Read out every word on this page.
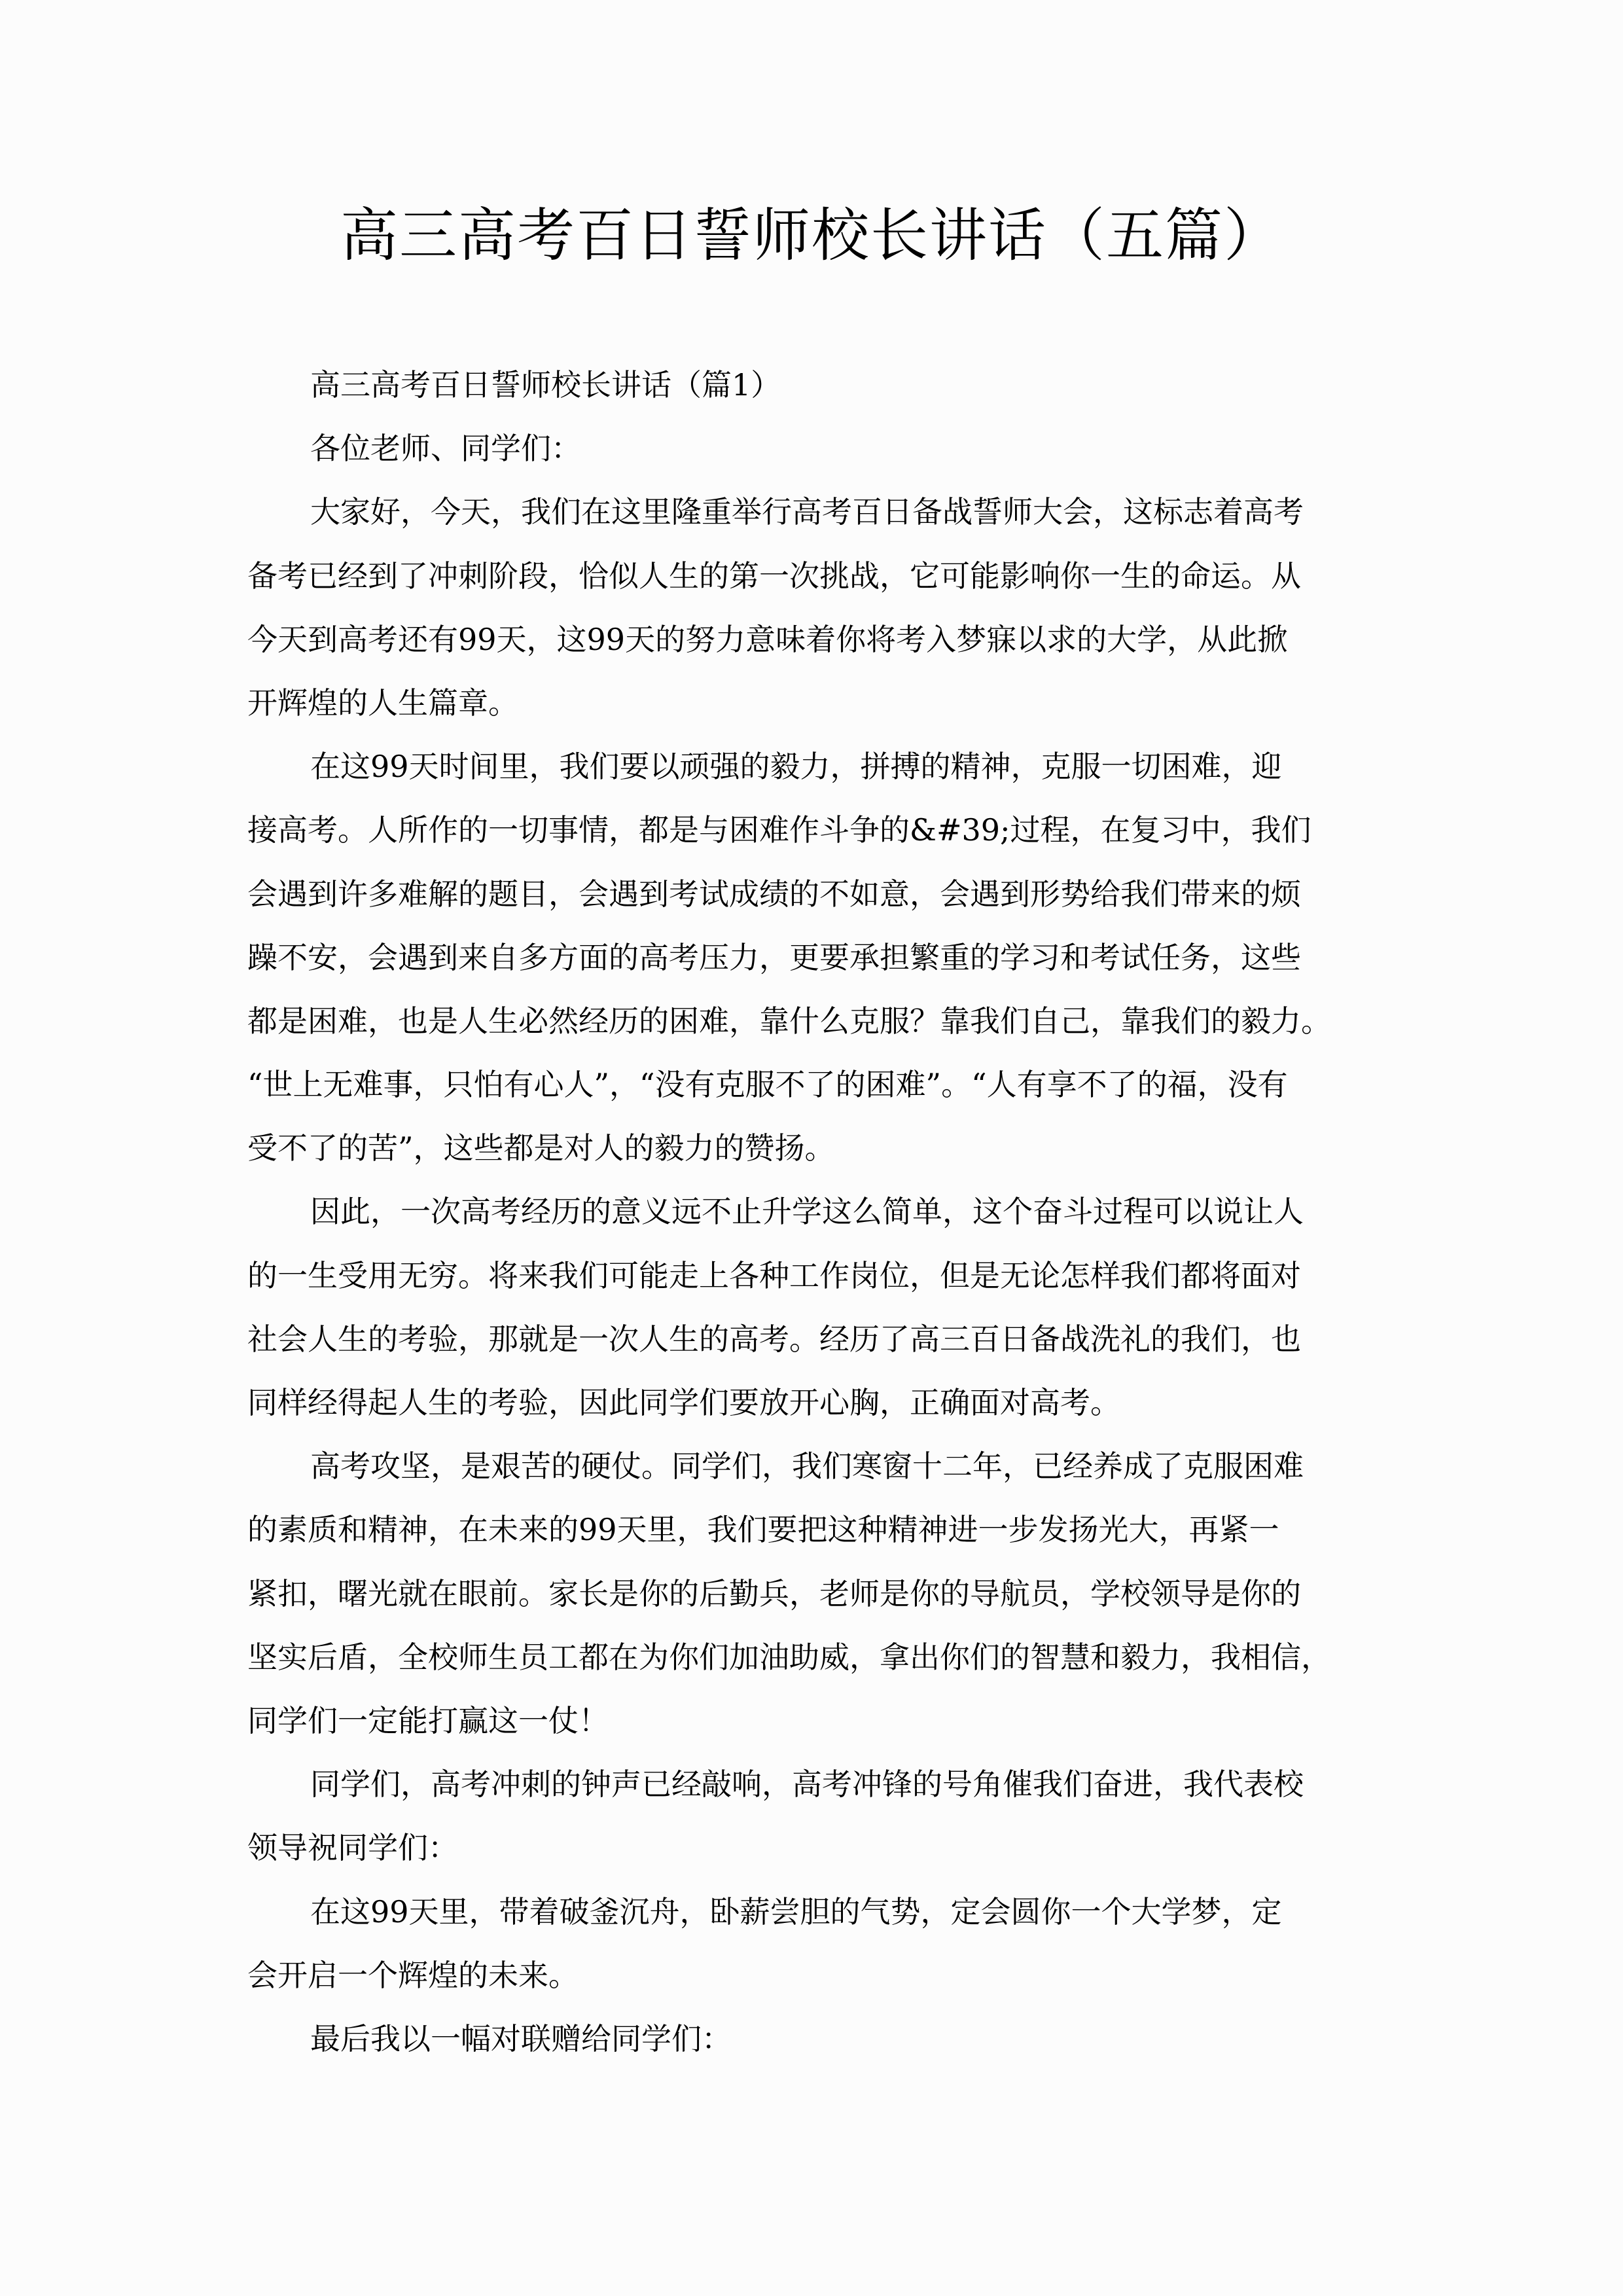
高三高考百日誓师校长讲话（五篇）
高三高考百日誓师校长讲话（篇1）
各位老师、同学们：
大家好，今天，我们在这里隆重举行高考百日备战誓师大会，这标志着高考
备考已经到了冲刺阶段，恰似人生的第一次挑战，它可能影响你一生的命运。从
今天到高考还有99天，这99天的努力意味着你将考入梦寐以求的大学，从此掀
开辉煌的人生篇章。
在这99天时间里，我们要以顽强的毅力，拼搏的精神，克服一切困难，迎
接高考。人所作的一切事情，都是与困难作斗争的&#39;过程，在复习中，我们
会遇到许多难解的题目，会遇到考试成绩的不如意，会遇到形势给我们带来的烦
躁不安，会遇到来自多方面的高考压力，更要承担繁重的学习和考试任务，这些
都是困难，也是人生必然经历的困难，靠什么克服？靠我们自己，靠我们的毅力。
“世上无难事，只怕有心人”，“没有克服不了的困难”。“人有享不了的福，没有
受不了的苦”，这些都是对人的毅力的赞扬。
因此，一次高考经历的意义远不止升学这么简单，这个奋斗过程可以说让人
的一生受用无穷。将来我们可能走上各种工作岗位，但是无论怎样我们都将面对
社会人生的考验，那就是一次人生的高考。经历了高三百日备战洗礼的我们，也
同样经得起人生的考验，因此同学们要放开心胸，正确面对高考。
高考攻坚，是艰苦的硬仗。同学们，我们寒窗十二年，已经养成了克服困难
的素质和精神，在未来的99天里，我们要把这种精神进一步发扬光大，再紧一
紧扣，曙光就在眼前。家长是你的后勤兵，老师是你的导航员，学校领导是你的
坚实后盾，全校师生员工都在为你们加油助威，拿出你们的智慧和毅力，我相信，
同学们一定能打赢这一仗！
同学们，高考冲刺的钟声已经敲响，高考冲锋的号角催我们奋进，我代表校
领导祝同学们：
在这99天里，带着破釜沉舟，卧薪尝胆的气势，定会圆你一个大学梦，定
会开启一个辉煌的未来。
最后我以一幅对联赠给同学们：
